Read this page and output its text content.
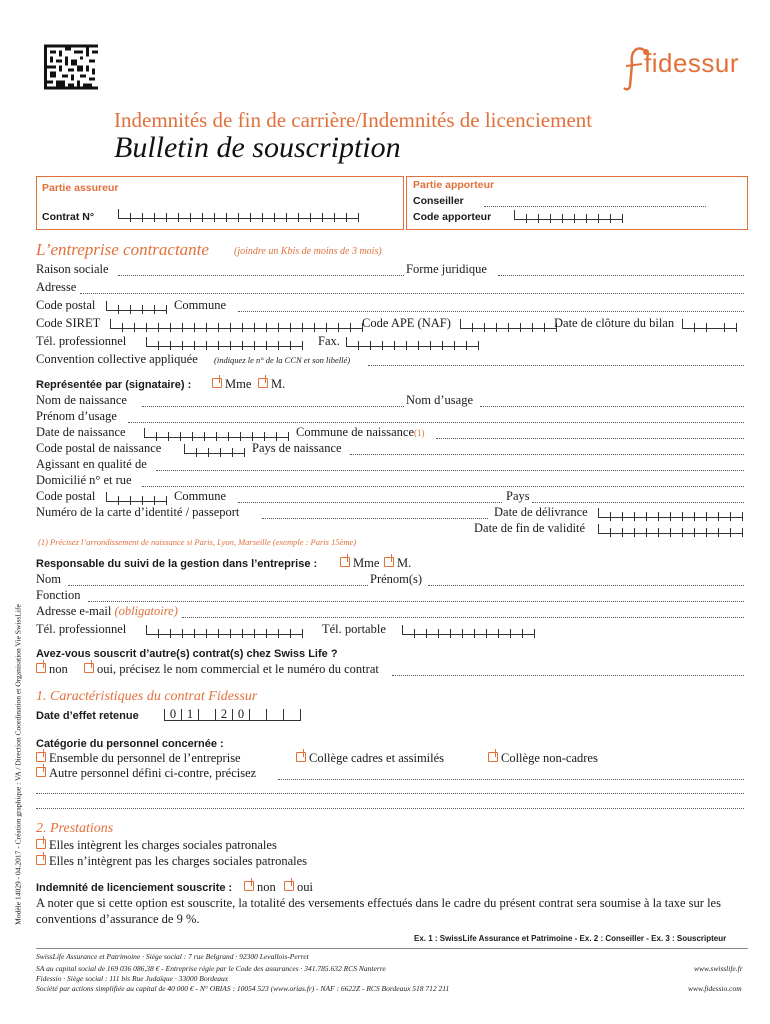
fidessur
Indemnités de fin de carrière/Indemnités de licenciement
Bulletin de souscription
Partie assureur
Contrat N°
Partie apporteur
Conseiller
Code apporteur
L’entreprise contractante	(joindre un Kbis de moins de 3 mois)
Raison sociale	Forme juridique
Adresse
Code postal	Commune
Code SIRET	Code APE (NAF)	Date de clôture du bilan
Tél. professionnel	Fax.
Convention collective appliquée (indiquez le n° de la CCN et son libellé)
Représentée par (signataire) :	Mme	M.
Nom de naissance	Nom d’usage
Prénom d’usage
Date de naissance	Commune de naissance(1)
Code postal de naissance	Pays de naissance
Agissant en qualité de
Domicilié n° et rue
Code postal	Commune	Pays
Numéro de la carte d’identité / passeport	Date de délivrance
Date de fin de validité
(1) Précisez l’arrondissement de naissance si Paris, Lyon, Marseille (exemple : Paris 15ème)
Responsable du suivi de la gestion dans l’entreprise :	Mme	M.
Nom	Prénom(s)
Fonction
Adresse e-mail (obligatoire)
Tél. professionnel	Tél. portable
Avez-vous souscrit d’autre(s) contrat(s) chez Swiss Life ?
non	oui, précisez le nom commercial et le numéro du contrat
1. Caractéristiques du contrat Fidessur
Date d’effet retenue	0 1	2 0
Catégorie du personnel concernée :
Ensemble du personnel de l’entreprise	Collège cadres et assimilés	Collège non-cadres
Autre personnel défini ci-contre, précisez
2. Prestations
Elles intègrent les charges sociales patronales
Elles n’intègrent pas les charges sociales patronales
Indemnité de licenciement souscrite :	non	oui
A noter que si cette option est souscrite, la totalité des versements effectués dans le cadre du présent contrat sera soumise à la taxe sur les conventions d’assurance de 9 %.
Ex. 1 : SwissLife Assurance et Patrimoine - Ex. 2 : Conseiller - Ex. 3 : Souscripteur
SwissLife Assurance et Patrimoine · Siège social : 7 rue Belgrand · 92300 Levallois-Perret
SA au capital social de 169 036 086,38 € - Entreprise régie par le Code des assurances · 341.785.632 RCS Nanterre
Fidessio · Siège social : 111 bis Rue Judaïque · 33000 Bordeaux
Société par actions simplifiée au capital de 40 000 € - N° ORIAS : 10054 523 (www.orias.fr) - NAF : 6622Z - RCS Bordeaux 518 712 211
www.swisslife.fr
www.fidessio.com
Modèle 14029 - 04.2017 - Création graphique : VA / Direction Coordination et Organisation Vie SwissLife
